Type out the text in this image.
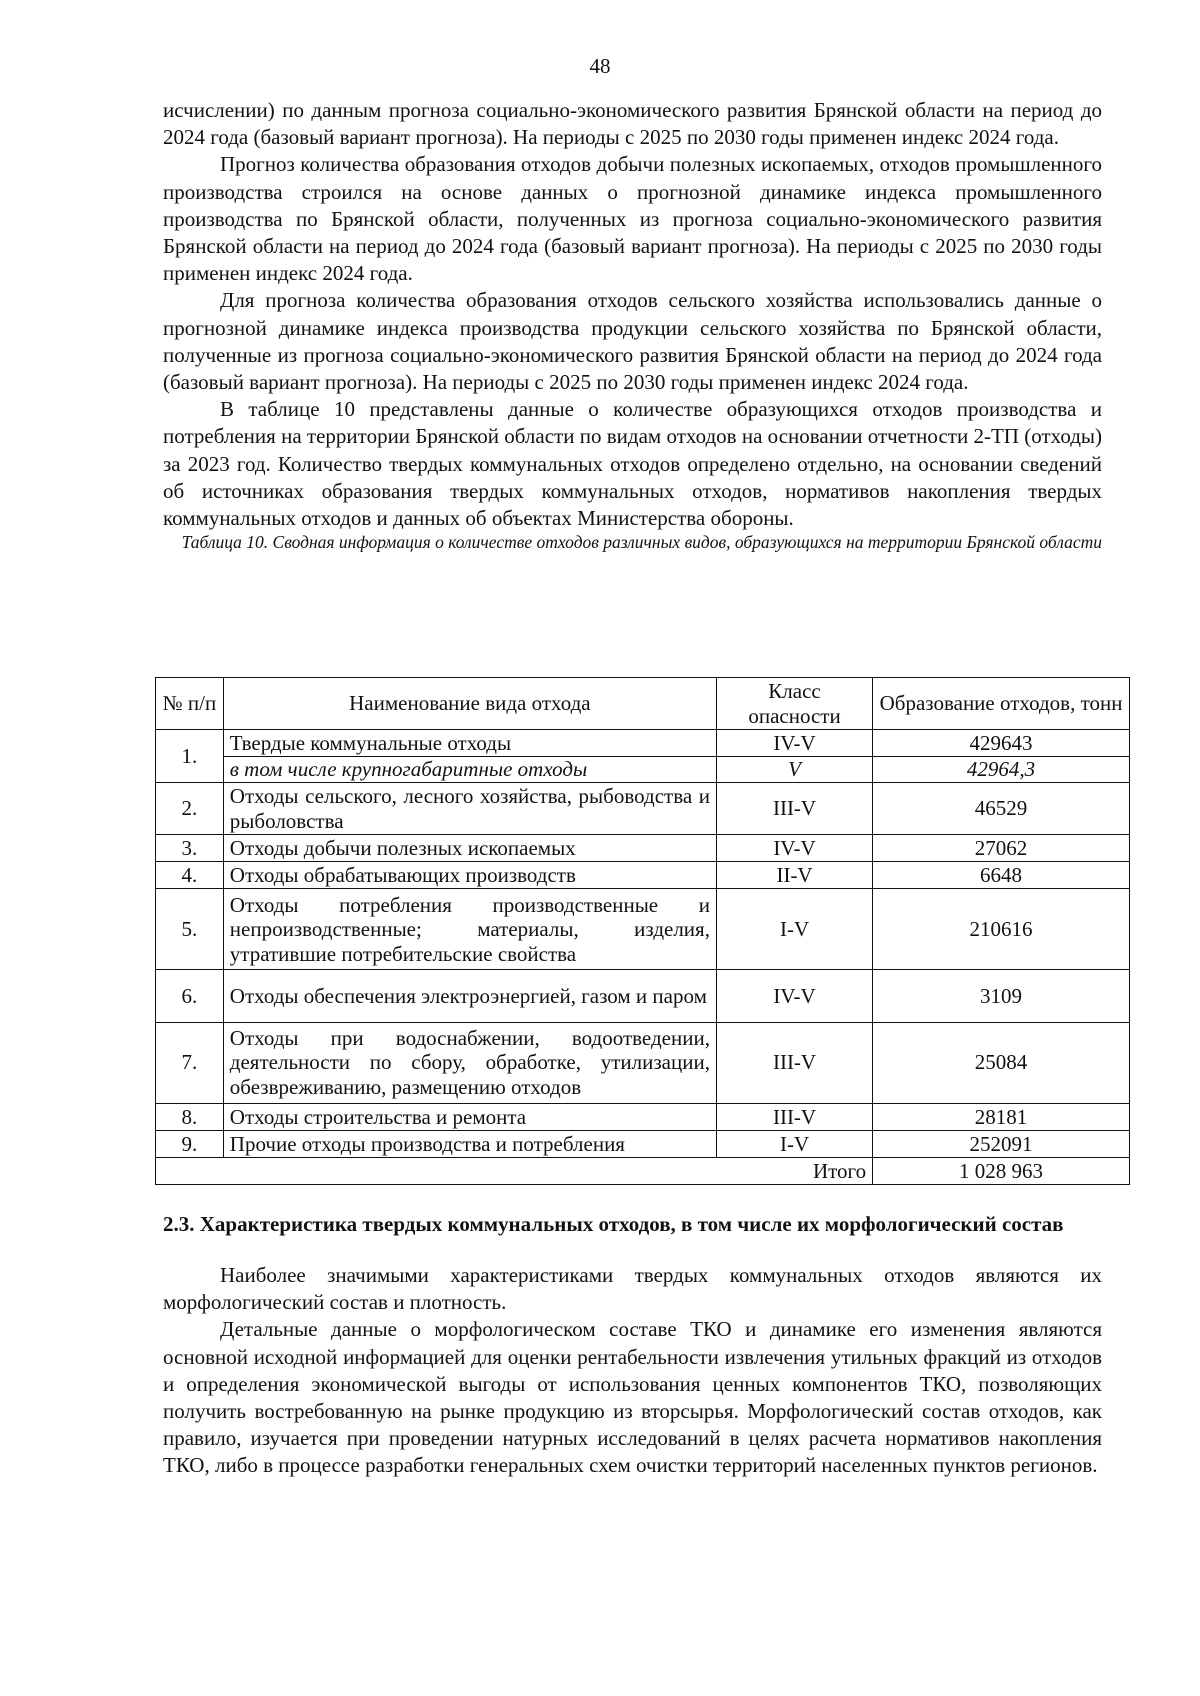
48

исчислении) по данным прогноза социально-экономического развития Брянской области на период до 2024 года (базовый вариант прогноза). На периоды с 2025 по 2030 годы применен индекс 2024 года.

Прогноз количества образования отходов добычи полезных ископаемых, отходов промышленного производства строился на основе данных о прогнозной динамике индекса промышленного производства по Брянской области, полученных из прогноза социально-экономического развития Брянской области на период до 2024 года (базовый вариант прогноза). На периоды с 2025 по 2030 годы применен индекс 2024 года.

Для прогноза количества образования отходов сельского хозяйства использовались данные о прогнозной динамике индекса производства продукции сельского хозяйства по Брянской области, полученные из прогноза социально-экономического развития Брянской области на период до 2024 года (базовый вариант прогноза). На периоды с 2025 по 2030 годы применен индекс 2024 года.

В таблице 10 представлены данные о количестве образующихся отходов производства и потребления на территории Брянской области по видам отходов на основании отчетности 2-ТП (отходы) за 2023 год. Количество твердых коммунальных отходов определено отдельно, на основании сведений об источниках образования твердых коммунальных отходов, нормативов накопления твердых коммунальных отходов и данных об объектах Министерства обороны.

Таблица 10. Сводная информация о количестве отходов различных видов, образующихся на территории Брянской области

№ п/п	Наименование вида отхода	Класс опасности	Образование отходов, тонн
1.	Твердые коммунальные отходы	IV-V	429643
	в том числе крупногабаритные отходы	V	42964,3
2.	Отходы сельского, лесного хозяйства, рыбоводства и рыболовства	III-V	46529
3.	Отходы добычи полезных ископаемых	IV-V	27062
4.	Отходы обрабатывающих производств	II-V	6648
5.	Отходы потребления производственные и непроизводственные; материалы, изделия, утратившие потребительские свойства	I-V	210616
6.	Отходы обеспечения электроэнергией, газом и паром	IV-V	3109
7.	Отходы при водоснабжении, водоотведении, деятельности по сбору, обработке, утилизации, обезвреживанию, размещению отходов	III-V	25084
8.	Отходы строительства и ремонта	III-V	28181
9.	Прочие отходы производства и потребления	I-V	252091
Итого			1 028 963

2.3. Характеристика твердых коммунальных отходов, в том числе их морфологический состав

Наиболее значимыми характеристиками твердых коммунальных отходов являются их морфологический состав и плотность.

Детальные данные о морфологическом составе ТКО и динамике его изменения являются основной исходной информацией для оценки рентабельности извлечения утильных фракций из отходов и определения экономической выгоды от использования ценных компонентов ТКО, позволяющих получить востребованную на рынке продукцию из вторсырья. Морфологический состав отходов, как правило, изучается при проведении натурных исследований в целях расчета нормативов накопления ТКО, либо в процессе разработки генеральных схем очистки территорий населенных пунктов регионов.
